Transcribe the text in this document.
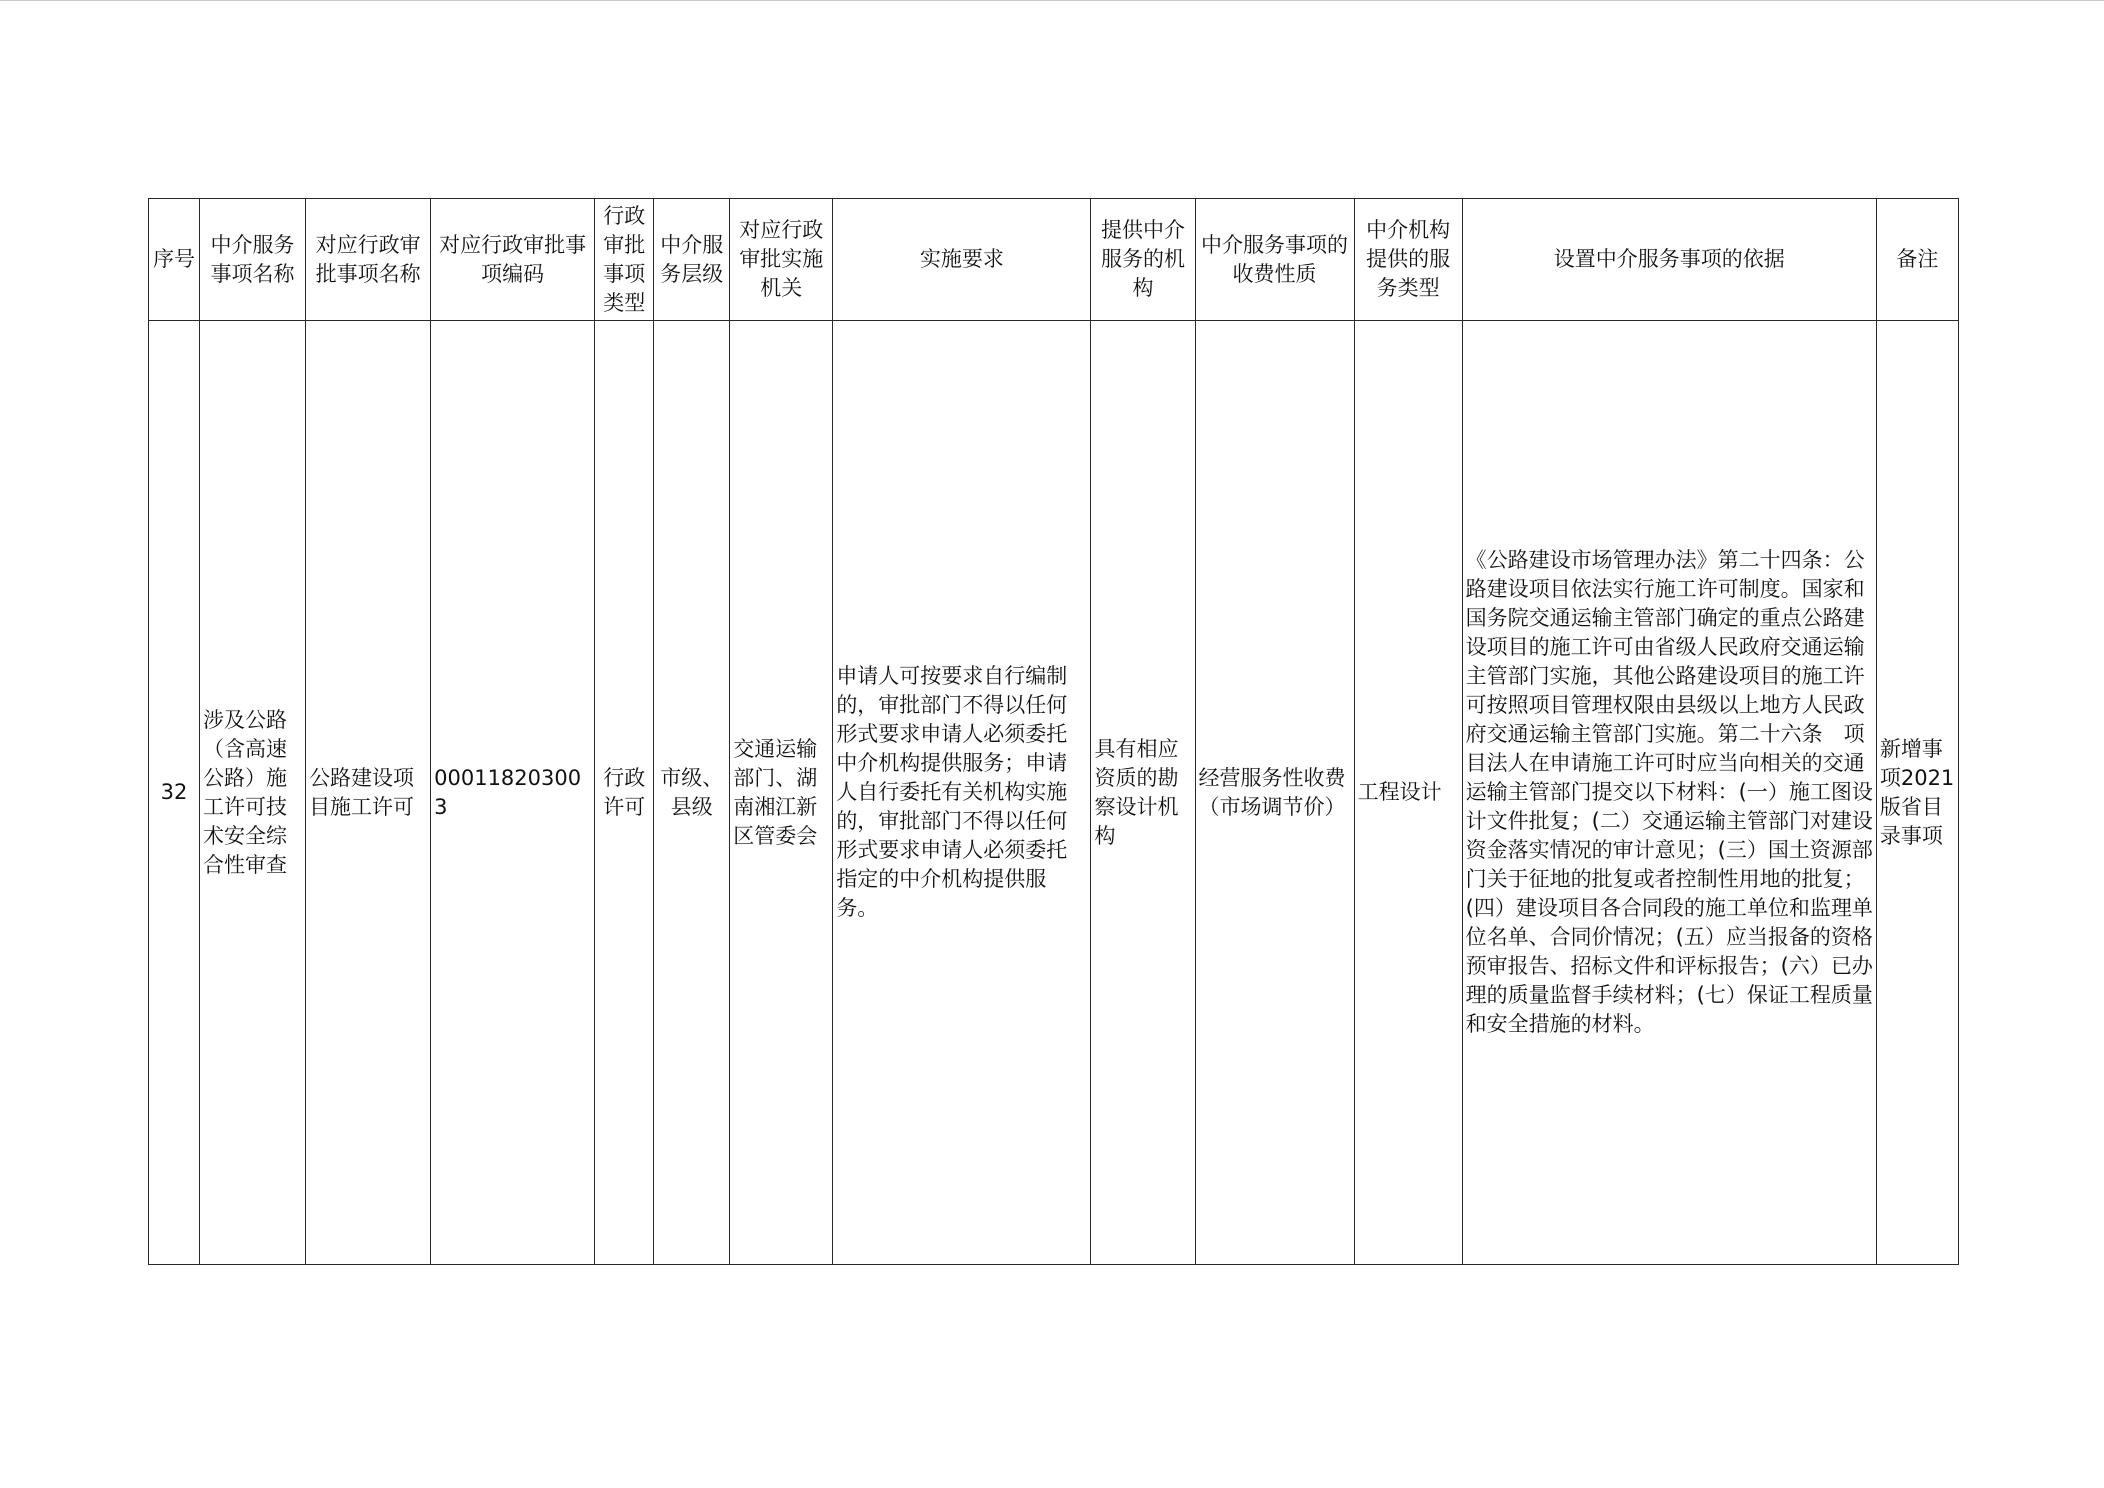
序号	中介服务事项名称	对应行政审批事项名称	对应行政审批事项编码	行政审批事项类型	中介服务层级	对应行政审批实施机关	实施要求	提供中介服务的机构	中介服务事项的收费性质	中介机构提供的服务类型	设置中介服务事项的依据	备注
32	涉及公路（含高速公路）施工许可技术安全综合性审查	公路建设项目施工许可	000118203003	行政许可	市级、县级	交通运输部门、湖南湘江新区管委会	申请人可按要求自行编制的，审批部门不得以任何形式要求申请人必须委托中介机构提供服务；申请人自行委托有关机构实施的，审批部门不得以任何形式要求申请人必须委托指定的中介机构提供服务。	具有相应资质的勘察设计机构	经营服务性收费（市场调节价）	工程设计	《公路建设市场管理办法》第二十四条：公路建设项目依法实行施工许可制度。国家和国务院交通运输主管部门确定的重点公路建设项目的施工许可由省级人民政府交通运输主管部门实施，其他公路建设项目的施工许可按照项目管理权限由县级以上地方人民政府交通运输主管部门实施。第二十六条　项目法人在申请施工许可时应当向相关的交通运输主管部门提交以下材料：(一）施工图设计文件批复；(二）交通运输主管部门对建设资金落实情况的审计意见；(三）国土资源部门关于征地的批复或者控制性用地的批复；(四）建设项目各合同段的施工单位和监理单位名单、合同价情况；(五）应当报备的资格预审报告、招标文件和评标报告；(六）已办理的质量监督手续材料；(七）保证工程质量和安全措施的材料。	新增事项2021版省目录事项
